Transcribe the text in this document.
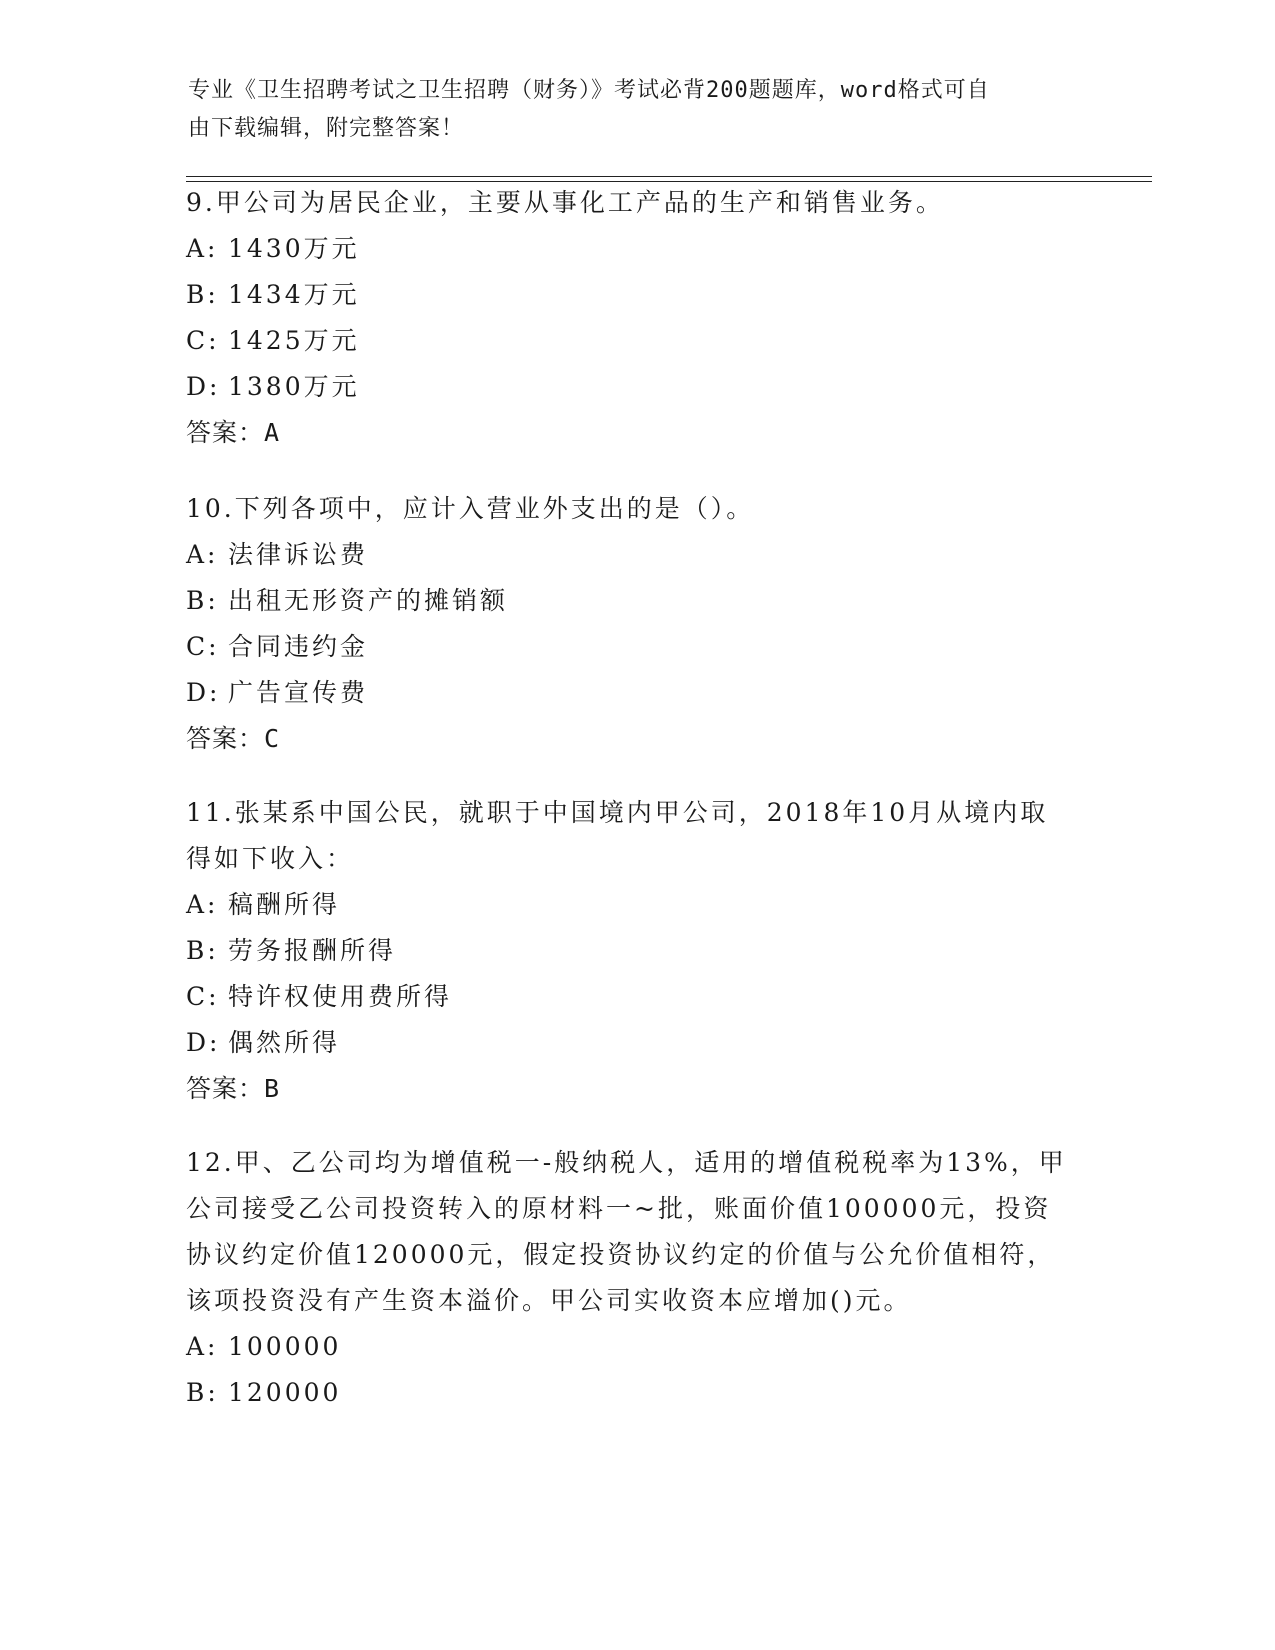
专业《卫生招聘考试之卫生招聘（财务）》考试必背200题题库，word格式可自
由下载编辑，附完整答案！
9.甲公司为居民企业，主要从事化工产品的生产和销售业务。
A: 1430万元
B: 1434万元
C: 1425万元
D: 1380万元
答案：A
10.下列各项中，应计入营业外支出的是（）。
A: 法律诉讼费
B: 出租无形资产的摊销额
C: 合同违约金
D: 广告宣传费
答案：C
11.张某系中国公民，就职于中国境内甲公司，2018年10月从境内取
得如下收入：
A: 稿酬所得
B: 劳务报酬所得
C: 特许权使用费所得
D: 偶然所得
答案：B
12.甲、乙公司均为增值税一-般纳税人，适用的增值税税率为13%，甲
公司接受乙公司投资转入的原材料一~批，账面价值100000元，投资
协议约定价值120000元，假定投资协议约定的价值与公允价值相符，
该项投资没有产生资本溢价。甲公司实收资本应增加()元。
A: 100000
B: 120000
